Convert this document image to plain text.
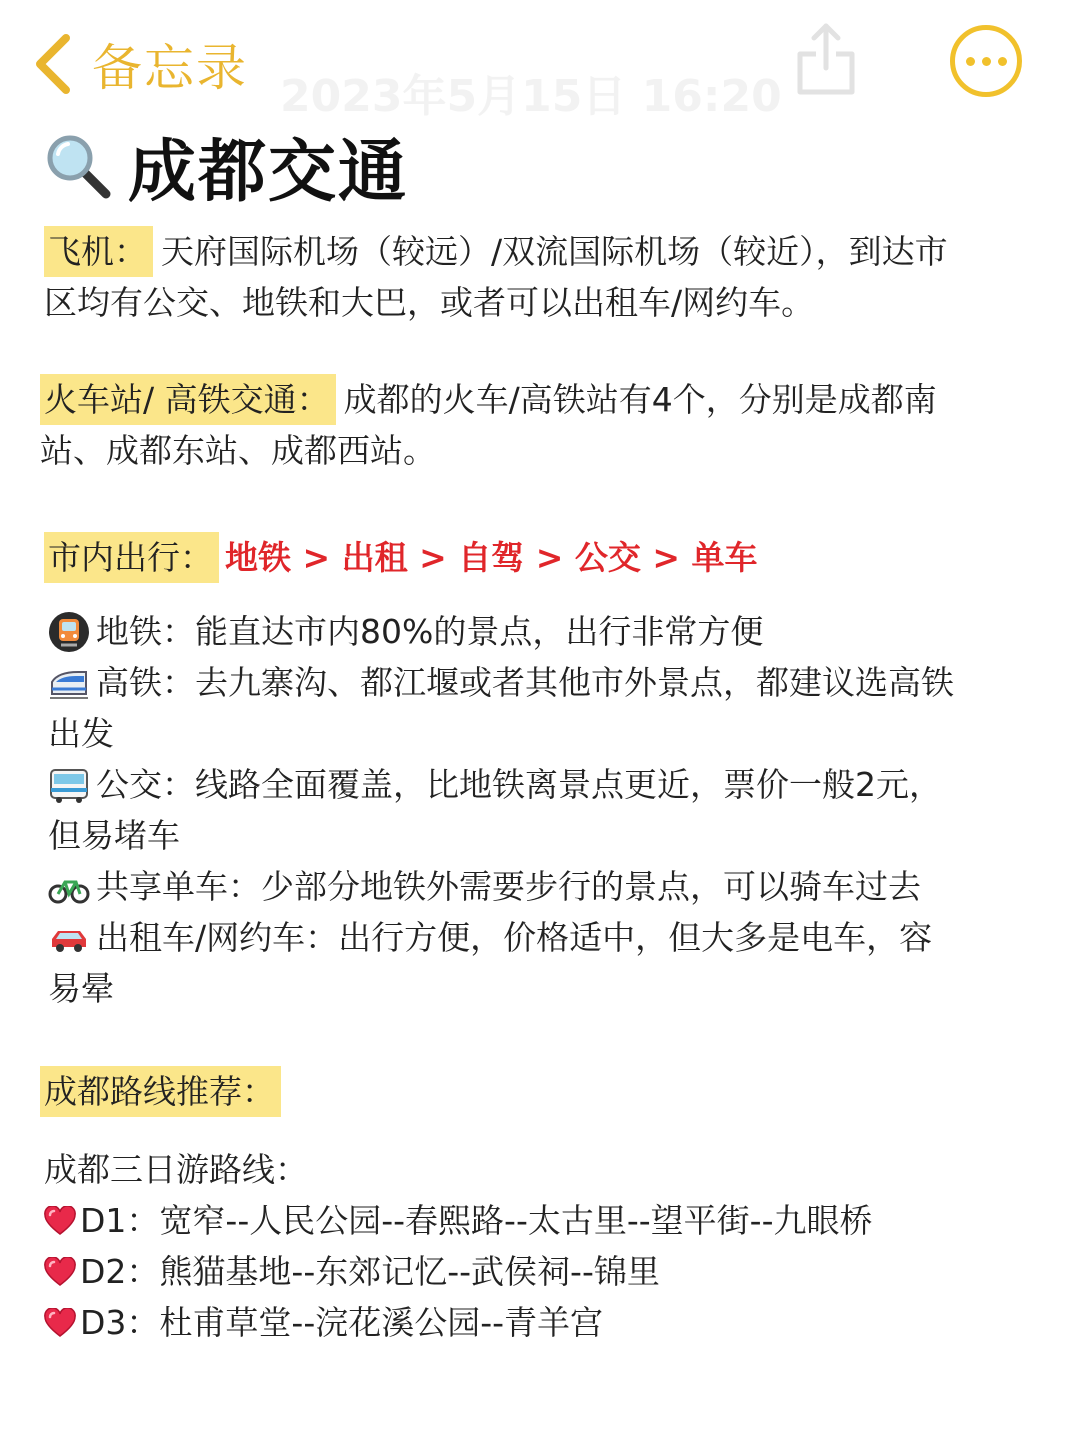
2023年5月15日 16:20
备忘录
成都交通
飞机： 天府国际机场（较远）/双流国际机场（较近），到达市
区均有公交、地铁和大巴，或者可以出租车/网约车。
火车站/ 高铁交通： 成都的火车/高铁站有4个，分别是成都南
站、成都东站、成都西站。
市内出行： 地铁 > 出租 > 自驾 > 公交 > 单车
地铁：能直达市内80%的景点，出行非常方便
高铁：去九寨沟、都江堰或者其他市外景点，都建议选高铁
出发
公交：线路全面覆盖，比地铁离景点更近，票价一般2元，
但易堵车
共享单车：少部分地铁外需要步行的景点，可以骑车过去
出租车/网约车：出行方便，价格适中，但大多是电车，容
易晕
成都路线推荐：
成都三日游路线：
D1：宽窄--人民公园--春熙路--太古里--望平街--九眼桥
D2：熊猫基地--东郊记忆--武侯祠--锦里
D3：杜甫草堂--浣花溪公园--青羊宫
